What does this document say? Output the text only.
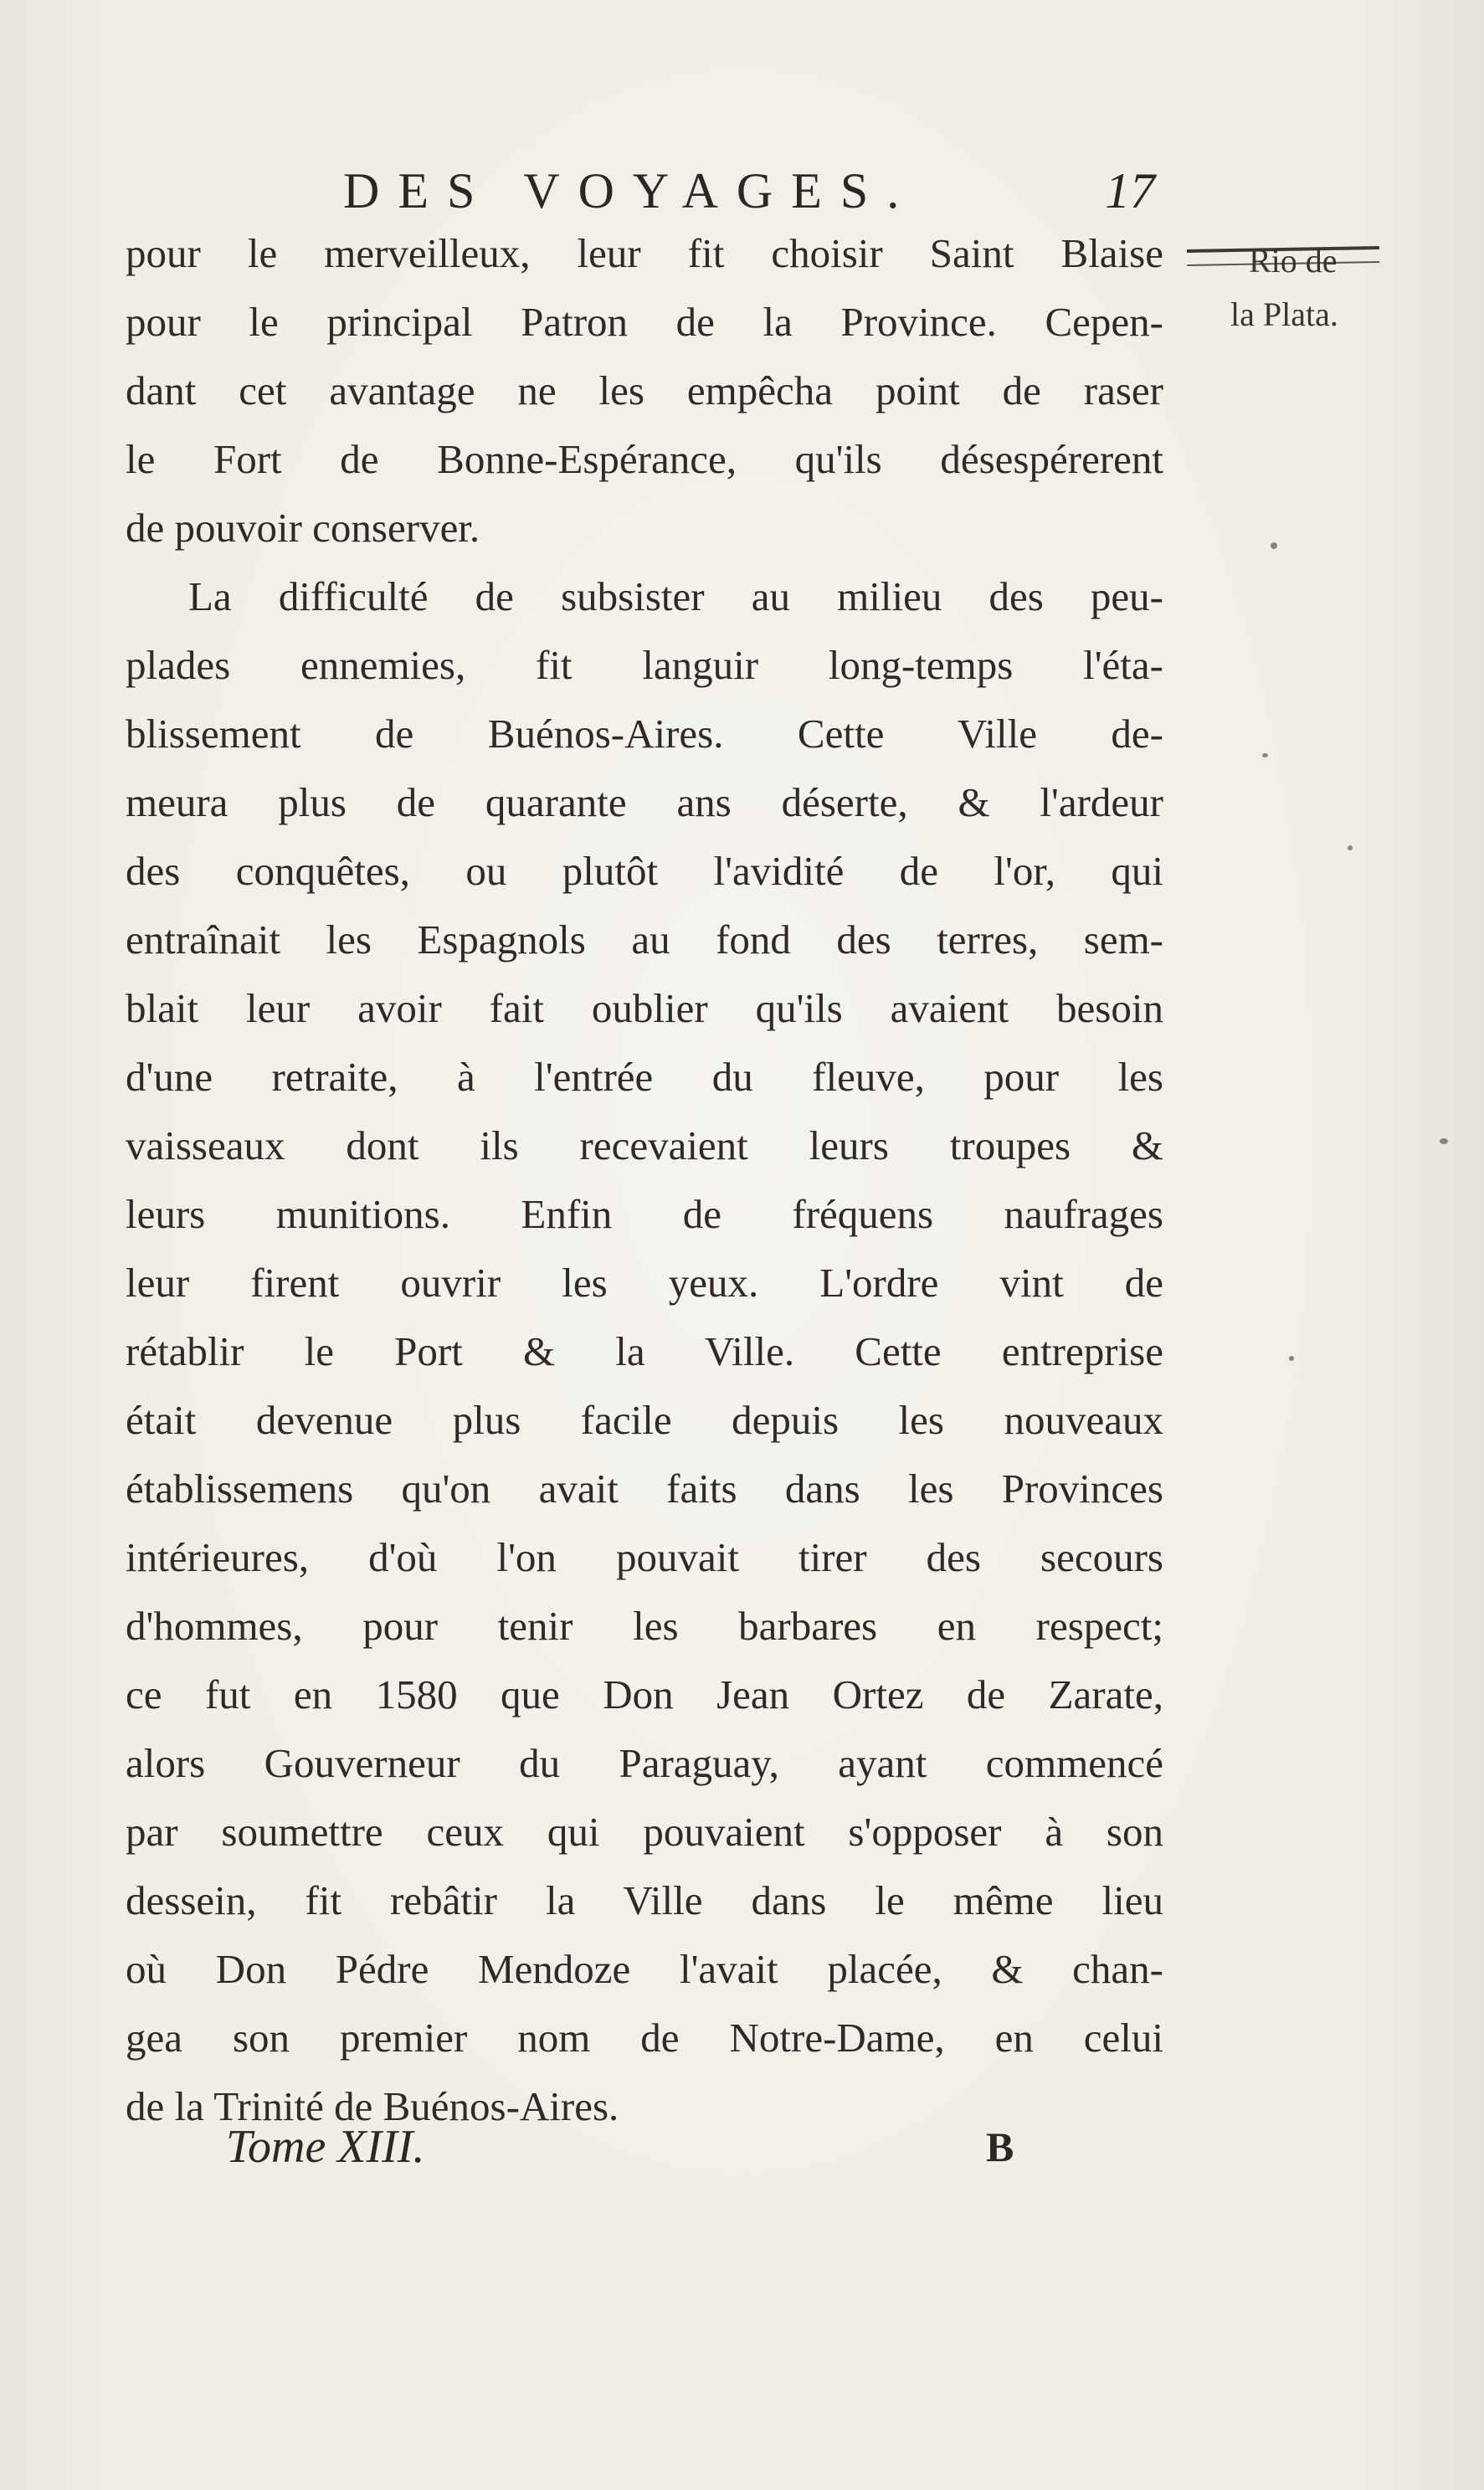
DES VOYAGES.	17
Rio de
la Plata.
pour le merveilleux, leur fit choisir Saint Blaise
pour le principal Patron de la Province. Cepen-
dant cet avantage ne les empêcha point de raser
le Fort de Bonne-Espérance, qu'ils désespérerent
de pouvoir conserver.
La difficulté de subsister au milieu des peu-
plades ennemies, fit languir long-temps l'éta-
blissement de Buénos-Aires. Cette Ville de-
meura plus de quarante ans déserte, & l'ardeur
des conquêtes, ou plutôt l'avidité de l'or, qui
entraînait les Espagnols au fond des terres, sem-
blait leur avoir fait oublier qu'ils avaient besoin
d'une retraite, à l'entrée du fleuve, pour les
vaisseaux dont ils recevaient leurs troupes &
leurs munitions. Enfin de fréquens naufrages
leur firent ouvrir les yeux. L'ordre vint de
rétablir le Port & la Ville. Cette entreprise
était devenue plus facile depuis les nouveaux
établissemens qu'on avait faits dans les Provinces
intérieures, d'où l'on pouvait tirer des secours
d'hommes, pour tenir les barbares en respect;
ce fut en 1580 que Don Jean Ortez de Zarate,
alors Gouverneur du Paraguay, ayant commencé
par soumettre ceux qui pouvaient s'opposer à son
dessein, fit rebâtir la Ville dans le même lieu
où Don Pédre Mendoze l'avait placée, & chan-
gea son premier nom de Notre-Dame, en celui
de la Trinité de Buénos-Aires.
Tome XIII.	B
